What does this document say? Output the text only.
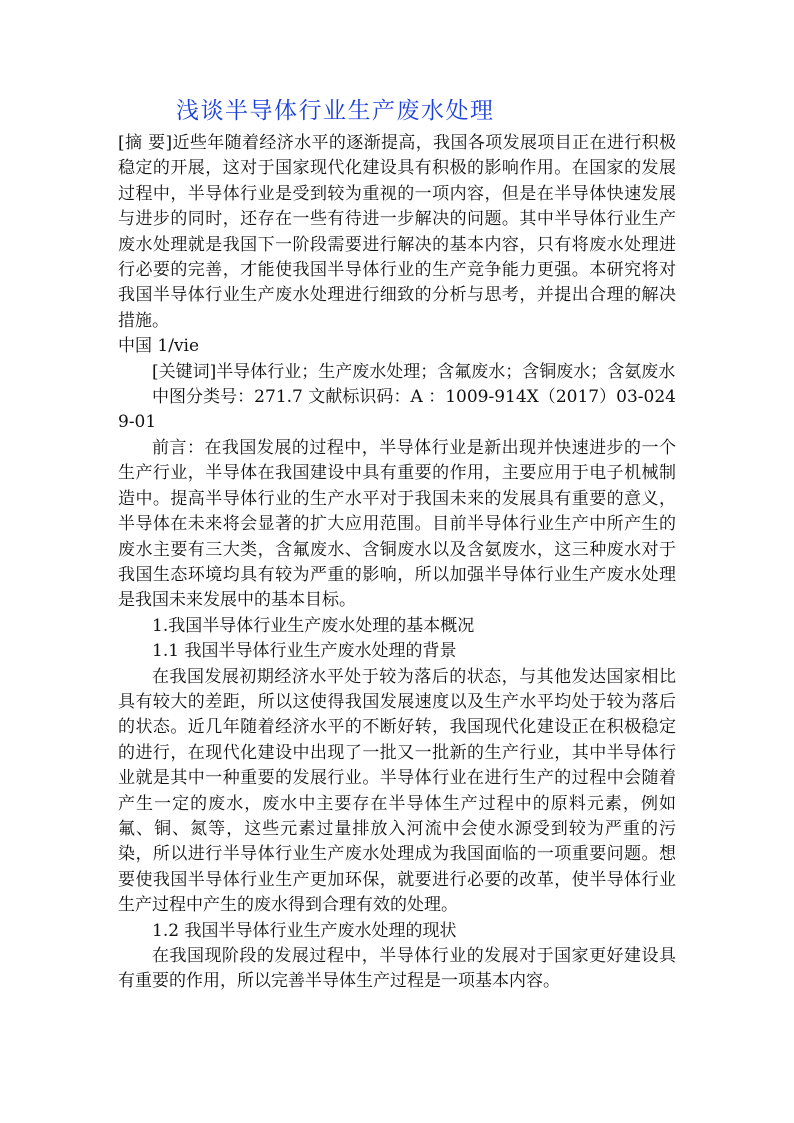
浅谈半导体行业生产废水处理

[摘 要]近些年随着经济水平的逐渐提高，我国各项发展项目正在进行积极稳定的开展，这对于国家现代化建设具有积极的影响作用。在国家的发展过程中，半导体行业是受到较为重视的一项内容，但是在半导体快速发展与进步的同时，还存在一些有待进一步解决的问题。其中半导体行业生产废水处理就是我国下一阶段需要进行解决的基本内容，只有将废水处理进行必要的完善，才能使我国半导体行业的生产竞争能力更强。本研究将对我国半导体行业生产废水处理进行细致的分析与思考，并提出合理的解决措施。

中国 1/vie

[关键词]半导体行业；生产废水处理；含氟废水；含铜废水；含氨废水

中图分类号：271.7 文献标识码：A ：1009-914X（2017）03-0249-01

前言：在我国发展的过程中，半导体行业是新出现并快速进步的一个生产行业，半导体在我国建设中具有重要的作用，主要应用于电子机械制造中。提高半导体行业的生产水平对于我国未来的发展具有重要的意义，半导体在未来将会显著的扩大应用范围。目前半导体行业生产中所产生的废水主要有三大类，含氟废水、含铜废水以及含氨废水，这三种废水对于我国生态环境均具有较为严重的影响，所以加强半导体行业生产废水处理是我国未来发展中的基本目标。

1.我国半导体行业生产废水处理的基本概况

1.1 我国半导体行业生产废水处理的背景

在我国发展初期经济水平处于较为落后的状态，与其他发达国家相比具有较大的差距，所以这使得我国发展速度以及生产水平均处于较为落后的状态。近几年随着经济水平的不断好转，我国现代化建设正在积极稳定的进行，在现代化建设中出现了一批又一批新的生产行业，其中半导体行业就是其中一种重要的发展行业。半导体行业在进行生产的过程中会随着产生一定的废水，废水中主要存在半导体生产过程中的原料元素，例如氟、铜、氮等，这些元素过量排放入河流中会使水源受到较为严重的污染，所以进行半导体行业生产废水处理成为我国面临的一项重要问题。想要使我国半导体行业生产更加环保，就要进行必要的改革，使半导体行业生产过程中产生的废水得到合理有效的处理。

1.2 我国半导体行业生产废水处理的现状

在我国现阶段的发展过程中，半导体行业的发展对于国家更好建设具有重要的作用，所以完善半导体生产过程是一项基本内容。
